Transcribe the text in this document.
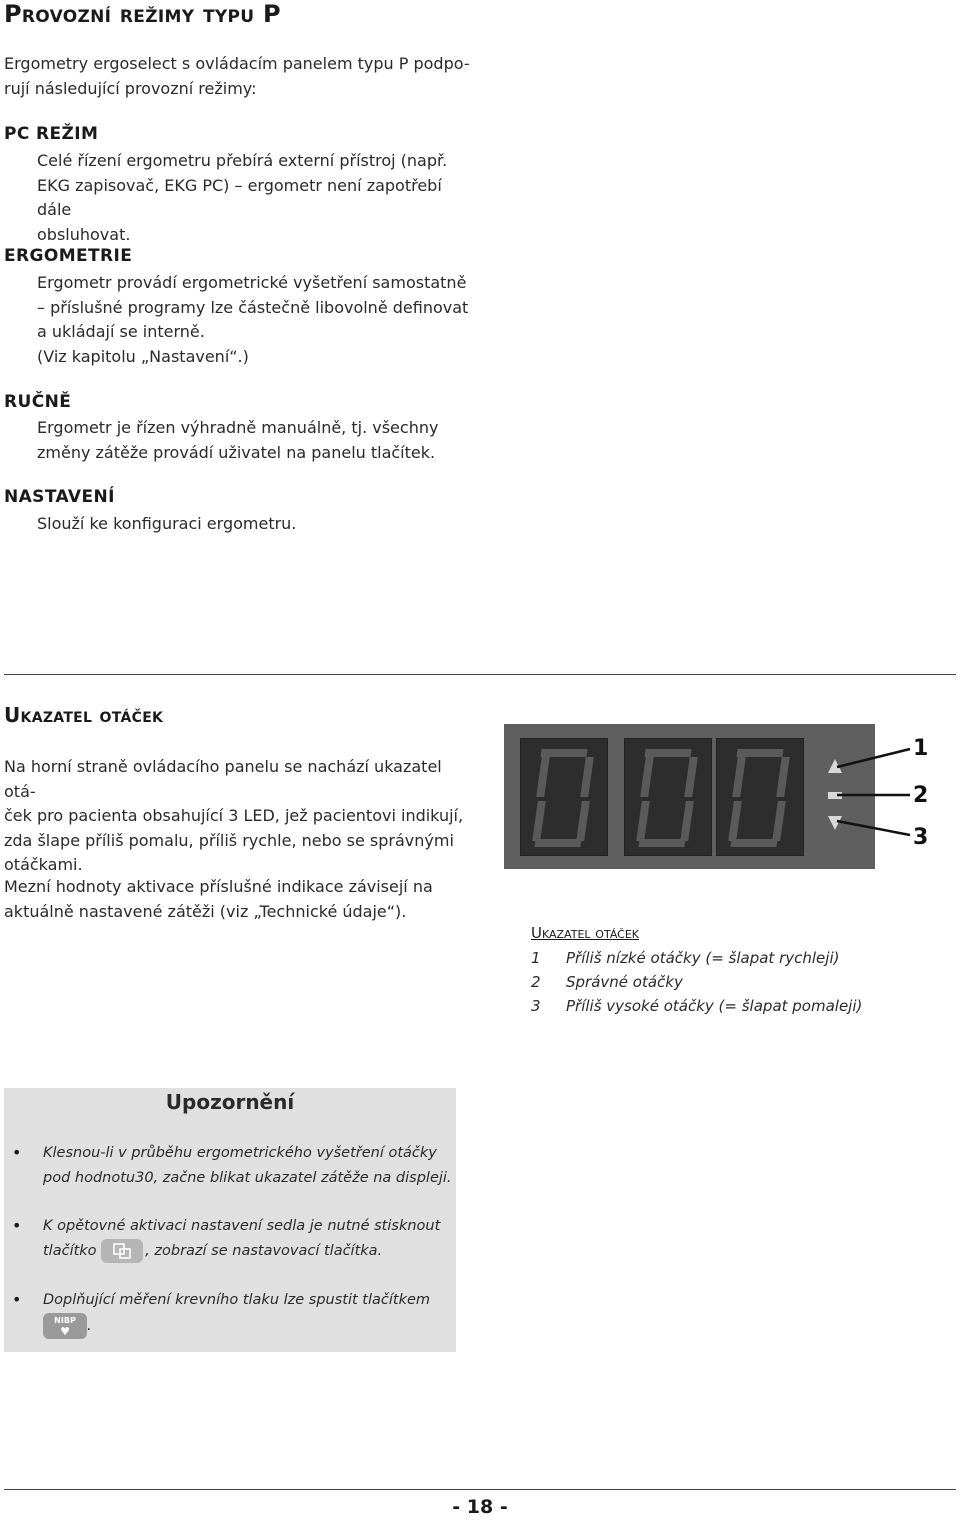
Provozní režimy typu P
Ergometry ergoselect s ovládacím panelem typu P podpo-
rují následující provozní režimy:
PC REŽIM
Celé řízení ergometru přebírá externí přístroj (např.
EKG zapisovač, EKG PC) – ergometr není zapotřebí dále
obsluhovat.
ERGOMETRIE
Ergometr provádí ergometrické vyšetření samostatně
– příslušné programy lze částečně libovolně definovat
a ukládají se interně.
(Viz kapitolu „Nastavení“.)
RUČNĚ
Ergometr je řízen výhradně manuálně, tj. všechny
změny zátěže provádí uživatel na panelu tlačítek.
NASTAVENÍ
Slouží ke konfiguraci ergometru.
Ukazatel otáček
Na horní straně ovládacího panelu se nachází ukazatel otá-
ček pro pacienta obsahující 3 LED, jež pacientovi indikují,
zda šlape příliš pomalu, příliš rychle, nebo se správnými
otáčkami.
Mezní hodnoty aktivace příslušné indikace závisejí na
aktuálně nastavené zátěži (viz „Technické údaje“).
1
2
3
Ukazatel otáček
1 Příliš nízké otáčky (= šlapat rychleji)
2 Správné otáčky
3 Příliš vysoké otáčky (= šlapat pomaleji)
Upozornění
• Klesnou-li v průběhu ergometrického vyšetření otáčky
pod hodnotu30, začne blikat ukazatel zátěže na displeji.
• K opětovné aktivaci nastavení sedla je nutné stisknout
tlačítko	, zobrazí se nastavovací tlačítka.
• Doplňující měření krevního tlaku lze spustit tlačítkem
NIBP
♥ .
- 18 -
